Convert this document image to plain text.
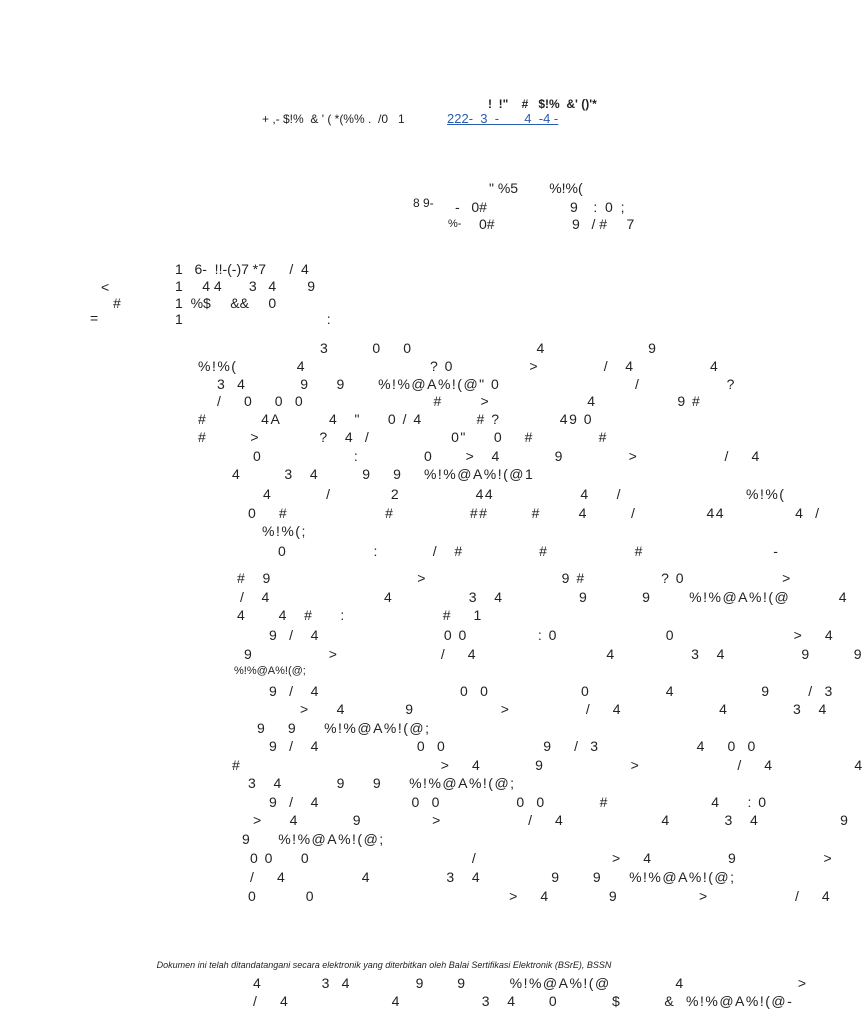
!  !"    #   $!%  &' ()'*
+ ,- $!%  & ' ( *(%% .  /0   1	222-  3  -       4  -4 -
" %5        %!%(
8 9- -   0#	9    :  0  ;
%- 0#	9   / #     7
1   6-  !!-(-)7 *7      /  4
<	1     4 4       3   4        9
#	1  %$     &&     0
=	1                                     :
3        0    0                       4                   9
%!%(           4                       ? 0              >            /   4              4
3  4          9     9      %!%@A%!(@" 0                         /                ?
/    0    0  0                        #       >                  4               9 #
#          4A         4   "     0 / 4          # ?           49 0
#        >           ?   4  /               0"     0    #            #
0                 :            0      >   4          9            >                /    4
4        3   4        9    9    %!%@A%!(@1
4          /           2              44                4     /                       %!%(
0    #                  #              ##        #       4        /             44             4  /
%!%(;
0                :          /   #              #                #                        -
#   9                           >                         9 #              ? 0                  >
/   4                     4              3   4              9          9       %!%@A%!(@         4
4      4   #     :                  #    1
9  /   4                       0 0             : 0                    0                      >    4
9              >                   /    4                        4              3   4              9        9
%!%@A%!(@;
9  /   4                          0  0                 0              4                9       /  3
>     4           9                >              /    4                  4            3   4
9    9     %!%@A%!(@;
9  /   4                  0  0                  9    /  3                  4    0  0
#                                     >    4          9                >                  /    4               4
3   4          9     9     %!%@A%!(@;
9  /   4                 0  0              0  0          #                   4     : 0
>     4          9             >                /    4                  4          3   4               9
9     %!%@A%!(@;
0 0     0                              /                         >    4              9                >
/    4              4              3   4             9      9     %!%@A%!(@;
0         0                                    >    4           9               >                /    4
Dokumen ini telah ditandatangani secara elektronik yang diterbitkan oleh Balai Sertifikasi Elektronik (BSrE), BSSN
4           3  4            9      9        %!%@A%!(@            4                     >
/    4                   4               3   4      0          $        &  %!%@A%!(@-
